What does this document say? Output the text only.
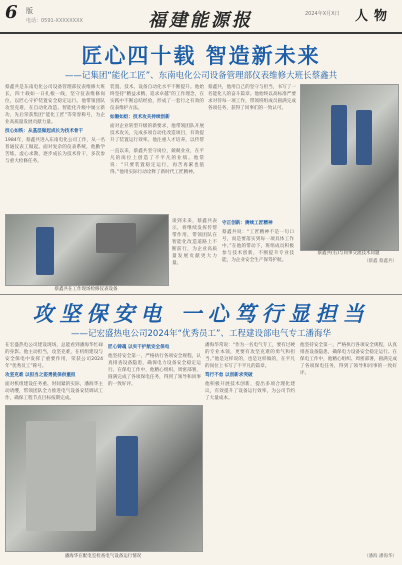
6 版
电话：0591-XXXXXXXX	福建能源报	2024年X月X日 人物
匠心四十载 智造新未来
——记集团“能化工匠”、东南电化公司设备管理部仪表维修大班长蔡鑫共
蔡鑫共是东南电化公司设备管理部仪表维修大班长，四十载如一日扎根一线，坚守仪表维修岗位，以匠心守护装置安全稳定运行。他带领团队攻坚克难，在自动化改造、智能化升级中屡立新功，先后荣获集团“能化工匠”等荣誉称号，为企业高质量发展贡献力量。
技心如铁：从基层做起成长为技术骨干
1984年，蔡鑫共进入东南电化公司工作，从一名普通仪表工做起。面对复杂的仪表系统，他勤学苦练，虚心求教，逐步成长为技术骨干，多次参与重大检修任务。
装置、技术、设备自动化水平不断提升。他始终坚持“精益求精、追求卓越”的工作理念，在实践中不断总结经验，形成了一套行之有效的仪表维护方法。
如磐如炬：技术攻关持续创新
面对企业转型升级的新要求，他带领团队开展技术攻关，完成多项自动化改造项目，有效提升了装置运行效率。他注重人才培养，以传帮
一直以来，蔡鑫共坚守岗位，兢兢业业，在平凡的岗位上创造了不平凡的业绩。他常说：“只要装置稳定运行，再苦再累也值得。”他用实际行动诠释了新时代工匠精神。
蔡鑫共，他用自己的坚守与担当，书写了一名能化人的奋斗篇章。他始终以高标准严要求对待每一项工作，带领班组成员圆满完成各项任务，获得了同事们的一致认可。
蔡鑫共在工作现场检修仪表设备
谈到未来，蔡鑫共表示，将继续发挥传帮带作用，带领团队在智能化改造道路上不断前行，为企业高质量发展贡献更大力量。
蔡鑫共(右)与同事交流技术问题
守正创新：赓续工匠精神
蔡鑫共说：“工匠精神不是一句口号，而是要落实到每一项具体工作中。”在他的带动下，班组成员积极参与技术创新，不断提升专业技能，为企业安全生产保驾护航。	（蔡鑫 蔡鑫共）
攻坚保安电 一心笃行显担当
——记宏盛热电公司2024年“优秀员工”、工程建设部电气专工潘海华
在宏盛热电公司建设现场，总能看到潘海华忙碌的身影。他主动担当，攻坚克难，在机组建设与安全保电中发挥了重要作用，荣获公司2024年“优秀员工”称号。
攻坚克难 以担当之姿勇挑保供重担
面对机组建设任务重、时间紧的实际，潘海华主动请缨，带领团队全力推进电气设备安装调试工作，确保工程节点目标按期完成。
匠心铸魂 以实干护航安全保电
他坚持安全第一，严格执行各项安全规程，认真排查设备隐患，确保电力设备安全稳定运行。在保电工作中，他精心组织、周密部署，圆满完成了各项保电任务，得到了领导和同事的一致好评。
潘海华常说：“作为一名电气专工，要有过硬的专业本领，更要有攻坚克难的勇气和担当。”他是这样说的，也是这样做的，在平凡的岗位上书写了不平凡的篇章。
笃行不怠 以创新求突破
他积极开展技术创新，提出多项合理化建议，有效提升了设备运行效率，为公司节约了大量成本。
他坚持安全第一，严格执行各项安全规程，认真排查设备隐患，确保电力设备安全稳定运行。在保电工作中，他精心组织、周密部署，圆满完成了各项保电任务，得到了领导和同事的一致好评。
（潘海 潘海华）
潘海华在配电室检查电气设备运行情况
